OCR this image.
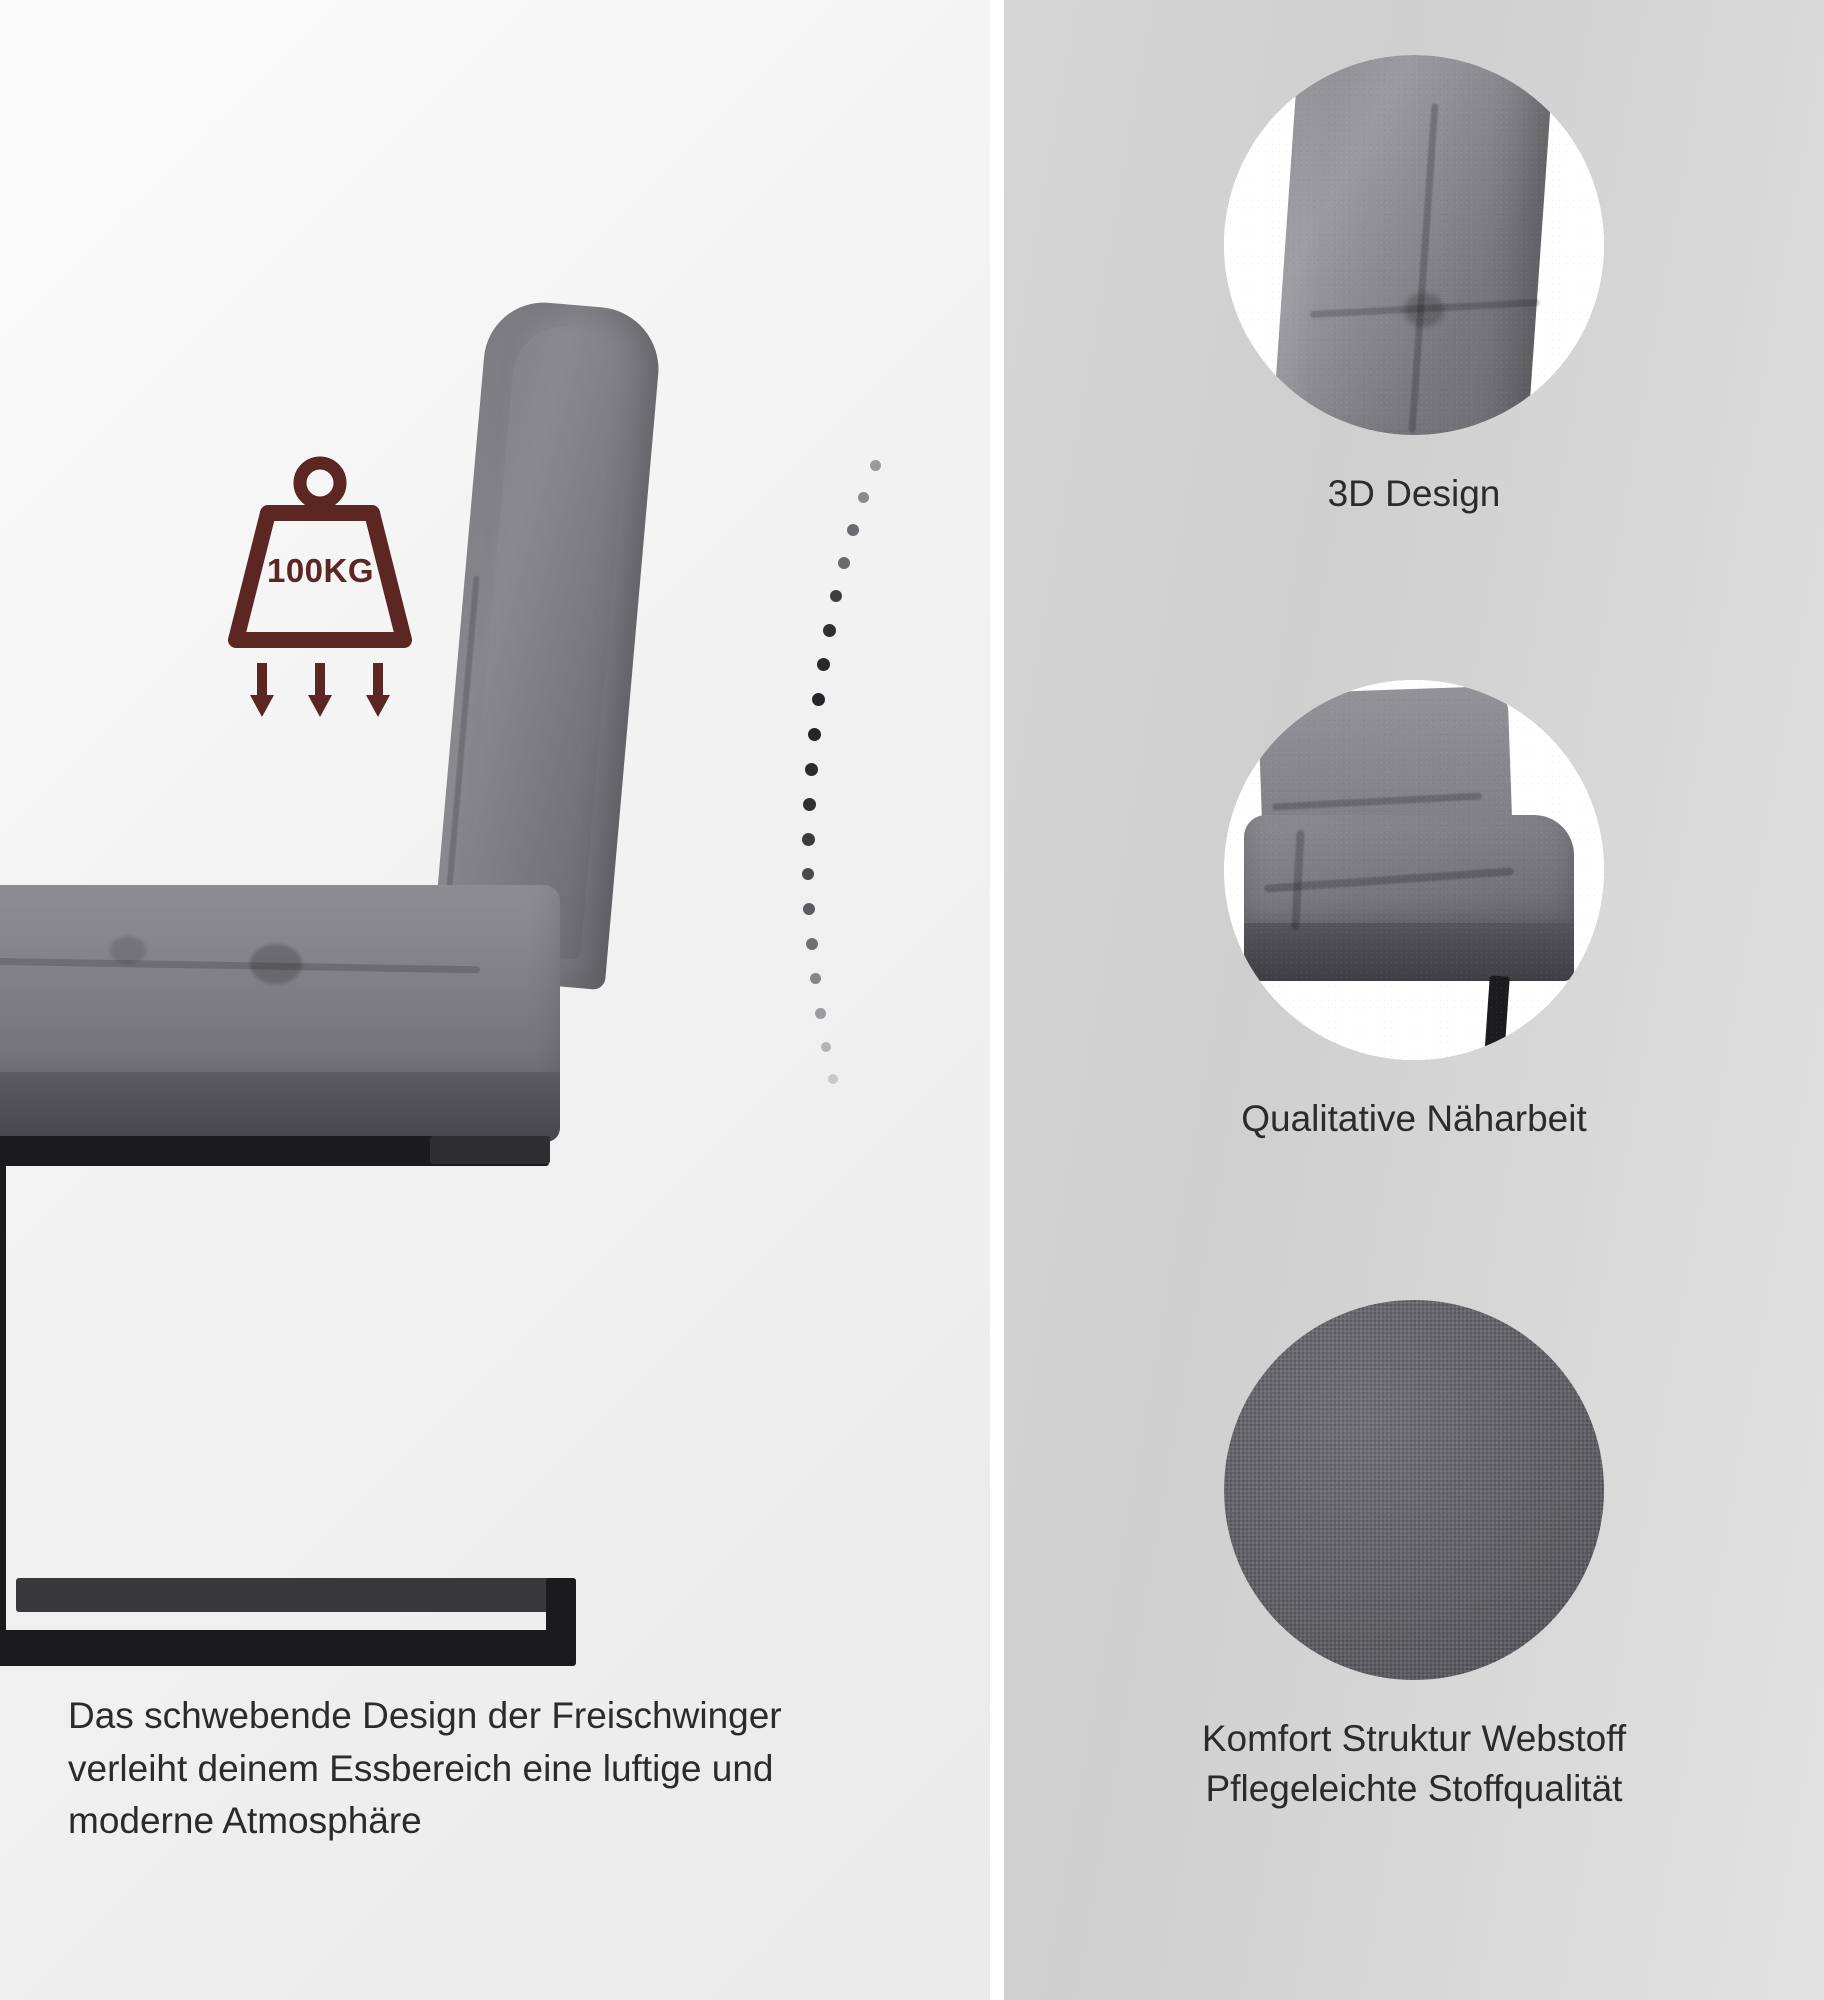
100KG
Das schwebende Design der Freischwinger verleiht deinem Essbereich eine luftige und moderne Atmosphäre
3D Design
Qualitative Näharbeit
Komfort Struktur Webstoff
Pflegeleichte Stoffqualität
